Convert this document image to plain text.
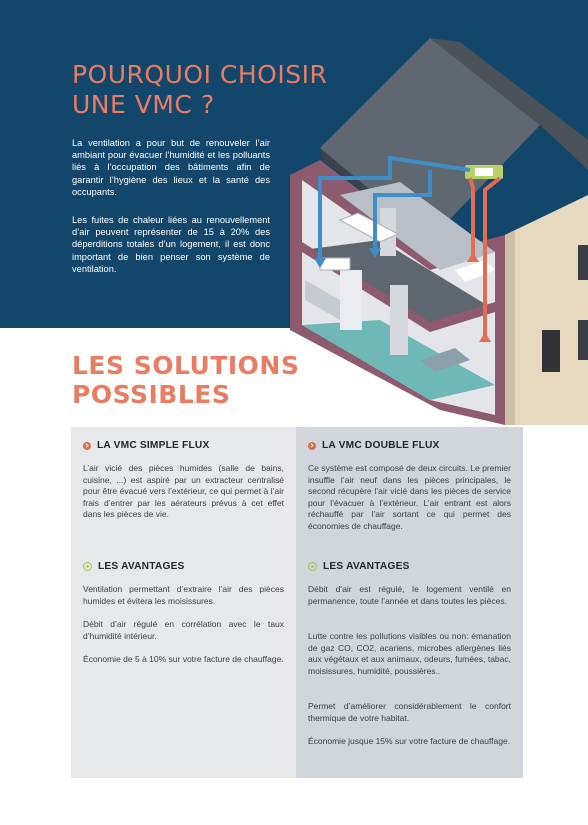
POURQUOI CHOISIR UNE VMC ?

La ventilation a pour but de renouveler l’air ambiant pour évacuer l’humidité et les polluants liés à l’occupation des bâtiments afin de garantir l’hygiène des lieux et la santé des occupants.

Les fuites de chaleur liées au renouvellement d’air peuvent représenter de 15 à 20% des déperditions totales d’un logement, il est donc important de bien penser son système de ventilation.

LES SOLUTIONS POSSIBLES
LA VMC SIMPLE FLUX

L’air vicié des pièces humides (salle de bains, cuisine, ...) est aspiré par un extracteur centralisé pour être évacué vers l’extérieur, ce qui permet à l’air frais d’entrer par les aérateurs prévus à cet effet dans les pièces de vie.

LES AVANTAGES

Ventilation permettant d’extraire l’air des pièces humides et évitera les moisissures.

Débit d’air régulé en corrélation avec le taux d’humidité intérieur.

Économie de 5 à 10% sur votre facture de chauffage.

LA VMC DOUBLE FLUX

Ce système est composé de deux circuits. Le premier insuffle l’air neuf dans les pièces principales, le second récupère l’air vicié dans les pièces de service pour l’évacuer à l’extérieur. L’air entrant est alors réchauffé par l’air sortant ce qui permet des économies de chauffage.

LES AVANTAGES

Débit d’air est régulé, le logement ventilé en permanence, toute l’année et dans toutes les pièces.

Lutte contre les pollutions visibles ou non: émanation de gaz CO, CO2, acariens, microbes allergènes liés aux végétaux et aux animaux, odeurs, fumées, tabac, moisissures, humidité, poussières..

Permet d’améliorer considérablement le confort thermique de votre habitat.

Économie jusque 15% sur votre facture de chauffage.
